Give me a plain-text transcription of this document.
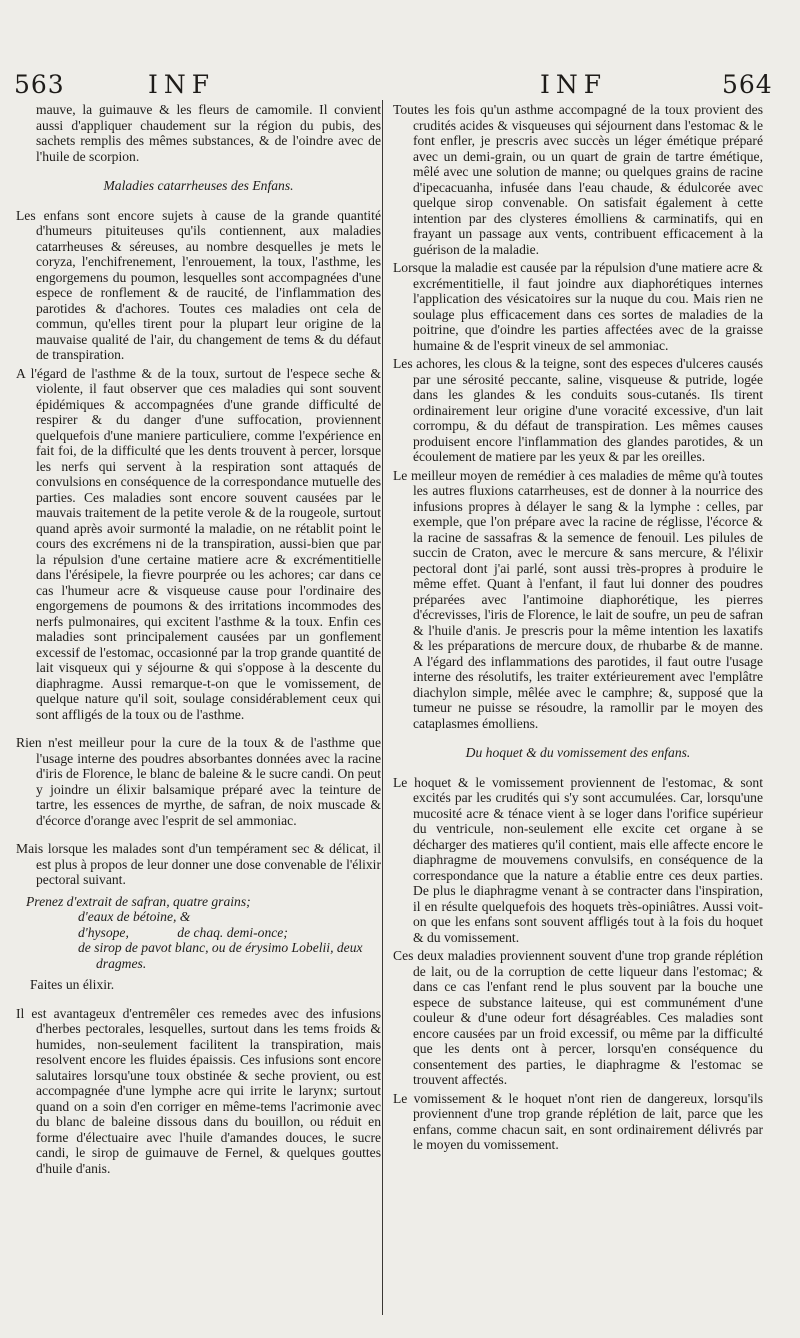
563	INF	INF	564

mauve, la guimauve & les fleurs de camomile. Il convient aussi d'appliquer chaudement sur la région du pubis, des sachets remplis des mêmes substances, & de l'oindre avec de l'huile de scorpion.

Maladies catarrheuses des Enfans.

Les enfans sont encore sujets à cause de la grande quantité d'humeurs pituiteuses qu'ils contiennent, aux maladies catarrheuses & séreuses, au nombre desquelles je mets le coryza, l'enchifrenement, l'enrouement, la toux, l'asthme, les engorgemens du poumon, lesquelles sont accompagnées d'une espece de ronflement & de raucité, de l'inflammation des parotides & d'achores. Toutes ces maladies ont cela de commun, qu'elles tirent pour la plupart leur origine de la mauvaise qualité de l'air, du changement de tems & du défaut de transpiration.

A l'égard de l'asthme & de la toux, surtout de l'espece seche & violente, il faut observer que ces maladies qui sont souvent épidémiques & accompagnées d'une grande difficulté de respirer & du danger d'une suffocation, proviennent quelquefois d'une maniere particuliere, comme l'expérience en fait foi, de la difficulté que les dents trouvent à percer, lorsque les nerfs qui servent à la respiration sont attaqués de convulsions en conséquence de la correspondance mutuelle des parties. Ces maladies sont encore souvent causées par le mauvais traitement de la petite verole & de la rougeole, surtout quand après avoir surmonté la maladie, on ne rétablit point le cours des excrémens ni de la transpiration, aussi-bien que par la répulsion d'une certaine matiere acre & excrémentitielle dans l'érésipele, la fievre pourprée ou les achores; car dans ce cas l'humeur acre & visqueuse cause pour l'ordinaire des engorgemens de poumons & des irritations incommodes des nerfs pulmonaires, qui excitent l'asthme & la toux. Enfin ces maladies sont principalement causées par un gonflement excessif de l'estomac, occasionné par la trop grande quantité de lait visqueux qui y séjourne & qui s'oppose à la descente du diaphragme. Aussi remarque-t-on que le vomissement, de quelque nature qu'il soit, soulage considérablement ceux qui sont affligés de la toux ou de l'asthme.

Rien n'est meilleur pour la cure de la toux & de l'asthme que l'usage interne des poudres absorbantes données avec la racine d'iris de Florence, le blanc de baleine & le sucre candi. On peut y joindre un élixir balsamique préparé avec la teinture de tartre, les essences de myrthe, de safran, de noix muscade & d'écorce d'orange avec l'esprit de sel ammoniac.

Mais lorsque les malades sont d'un tempérament sec & délicat, il est plus à propos de leur donner une dose convenable de l'élixir pectoral suivant.

Prenez d'extrait de safran, quatre grains;
d'eaux de bétoine, &
d'hysope,	de chaq. demi-once;
de sirop de pavot blanc, ou de érysimo Lobelii, deux
dragmes.

Faites un élixir.

Il est avantageux d'entremêler ces remedes avec des infusions d'herbes pectorales, lesquelles, surtout dans les tems froids & humides, non-seulement facilitent la transpiration, mais resolvent encore les fluides épaissis. Ces infusions sont encore salutaires lorsqu'une toux obstinée & seche provient, ou est accompagnée d'une lymphe acre qui irrite le larynx; surtout quand on a soin d'en corriger en même-tems l'acrimonie avec du blanc de baleine dissous dans du bouillon, ou réduit en forme d'électuaire avec l'huile d'amandes douces, le sucre candi, le sirop de guimauve de Fernel, & quelques gouttes d'huile d'anis.

Toutes les fois qu'un asthme accompagné de la toux provient des crudités acides & visqueuses qui séjournent dans l'estomac & le font enfler, je prescris avec succès un léger émétique préparé avec un demi-grain, ou un quart de grain de tartre émétique, mêlé avec une solution de manne; ou quelques grains de racine d'ipecacuanha, infusée dans l'eau chaude, & édulcorée avec quelque sirop convenable. On satisfait également à cette intention par des clysteres émolliens & carminatifs, qui en frayant un passage aux vents, contribuent efficacement à la guérison de la maladie.

Lorsque la maladie est causée par la répulsion d'une matiere acre & excrémentitielle, il faut joindre aux diaphorétiques internes l'application des vésicatoires sur la nuque du cou. Mais rien ne soulage plus efficacement dans ces sortes de maladies de la poitrine, que d'oindre les parties affectées avec de la graisse humaine & de l'esprit vineux de sel ammoniac.

Les achores, les clous & la teigne, sont des especes d'ulceres causés par une sérosité peccante, saline, visqueuse & putride, logée dans les glandes & les conduits sous-cutanés. Ils tirent ordinairement leur origine d'une voracité excessive, d'un lait corrompu, & du défaut de transpiration. Les mêmes causes produisent encore l'inflammation des glandes parotides, & un écoulement de matiere par les yeux & par les oreilles.

Le meilleur moyen de remédier à ces maladies de même qu'à toutes les autres fluxions catarrheuses, est de donner à la nourrice des infusions propres à délayer le sang & la lymphe : celles, par exemple, que l'on prépare avec la racine de réglisse, l'écorce & la racine de sassafras & la semence de fenouil. Les pilules de succin de Craton, avec le mercure & sans mercure, & l'élixir pectoral dont j'ai parlé, sont aussi très-propres à produire le même effet. Quant à l'enfant, il faut lui donner des poudres préparées avec l'antimoine diaphorétique, les pierres d'écrevisses, l'iris de Florence, le lait de soufre, un peu de safran & l'huile d'anis. Je prescris pour la même intention les laxatifs & les préparations de mercure doux, de rhubarbe & de manne. A l'égard des inflammations des parotides, il faut outre l'usage interne des résolutifs, les traiter extérieurement avec l'emplâtre diachylon simple, mêlée avec le camphre; &, supposé que la tumeur ne puisse se résoudre, la ramollir par le moyen des cataplasmes émolliens.

Du hoquet & du vomissement des enfans.

Le hoquet & le vomissement proviennent de l'estomac, & sont excités par les crudités qui s'y sont accumulées. Car, lorsqu'une mucosité acre & ténace vient à se loger dans l'orifice supérieur du ventricule, non-seulement elle excite cet organe à se décharger des matieres qu'il contient, mais elle affecte encore le diaphragme de mouvemens convulsifs, en conséquence de la correspondance que la nature a établie entre ces deux parties. De plus le diaphragme venant à se contracter dans l'inspiration, il en résulte quelquefois des hoquets très-opiniâtres. Aussi voit-on que les enfans sont souvent affligés tout à la fois du hoquet & du vomissement.

Ces deux maladies proviennent souvent d'une trop grande réplétion de lait, ou de la corruption de cette liqueur dans l'estomac; & dans ce cas l'enfant rend le plus souvent par la bouche une espece de substance laiteuse, qui est communément d'une couleur & d'une odeur fort désagréables. Ces maladies sont encore causées par un froid excessif, ou même par la difficulté que les dents ont à percer, lorsqu'en conséquence du consentement des parties, le diaphragme & l'estomac se trouvent affectés.

Le vomissement & le hoquet n'ont rien de dangereux, lorsqu'ils proviennent d'une trop grande réplétion de lait, parce que les enfans, comme chacun sait, en sont ordinairement délivrés par le moyen du vomissement.
